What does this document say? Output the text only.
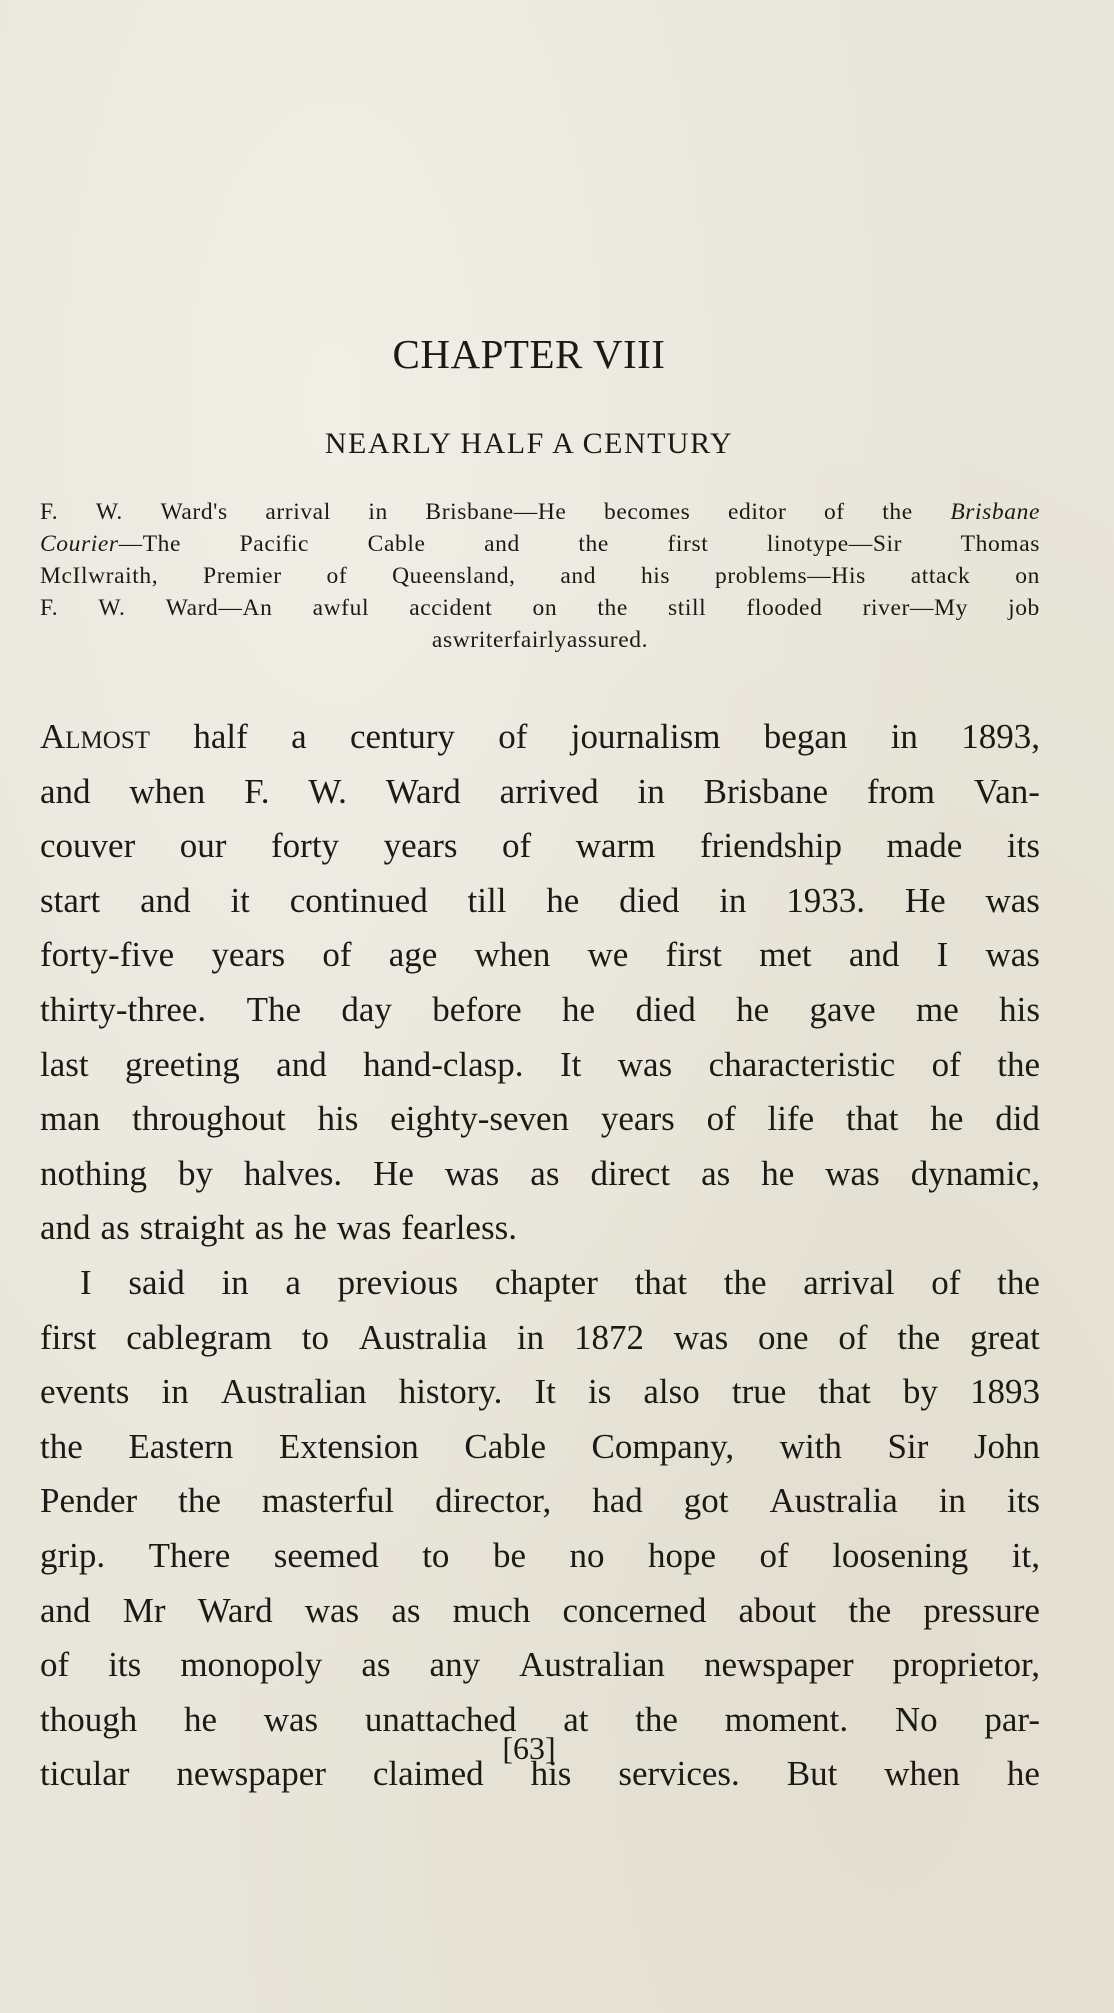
CHAPTER VIII
NEARLY HALF A CENTURY
F. W. Ward's arrival in Brisbane—He becomes editor of the Brisbane
Courier—The Pacific Cable and the first linotype—Sir Thomas
McIlwraith, Premier of Queensland, and his problems—His attack on
F. W. Ward—An awful accident on the still flooded river—My job
as writer fairly assured.
Almost half a century of journalism began in 1893,
and when F. W. Ward arrived in Brisbane from Van-
couver our forty years of warm friendship made its
start and it continued till he died in 1933. He was
forty-five years of age when we first met and I was
thirty-three. The day before he died he gave me his
last greeting and hand-clasp. It was characteristic of the
man throughout his eighty-seven years of life that he did
nothing by halves. He was as direct as he was dynamic,
and as straight as he was fearless.
I said in a previous chapter that the arrival of the
first cablegram to Australia in 1872 was one of the great
events in Australian history. It is also true that by 1893
the Eastern Extension Cable Company, with Sir John
Pender the masterful director, had got Australia in its
grip. There seemed to be no hope of loosening it,
and Mr Ward was as much concerned about the pressure
of its monopoly as any Australian newspaper proprietor,
though he was unattached at the moment. No par-
ticular newspaper claimed his services. But when he
[63]
